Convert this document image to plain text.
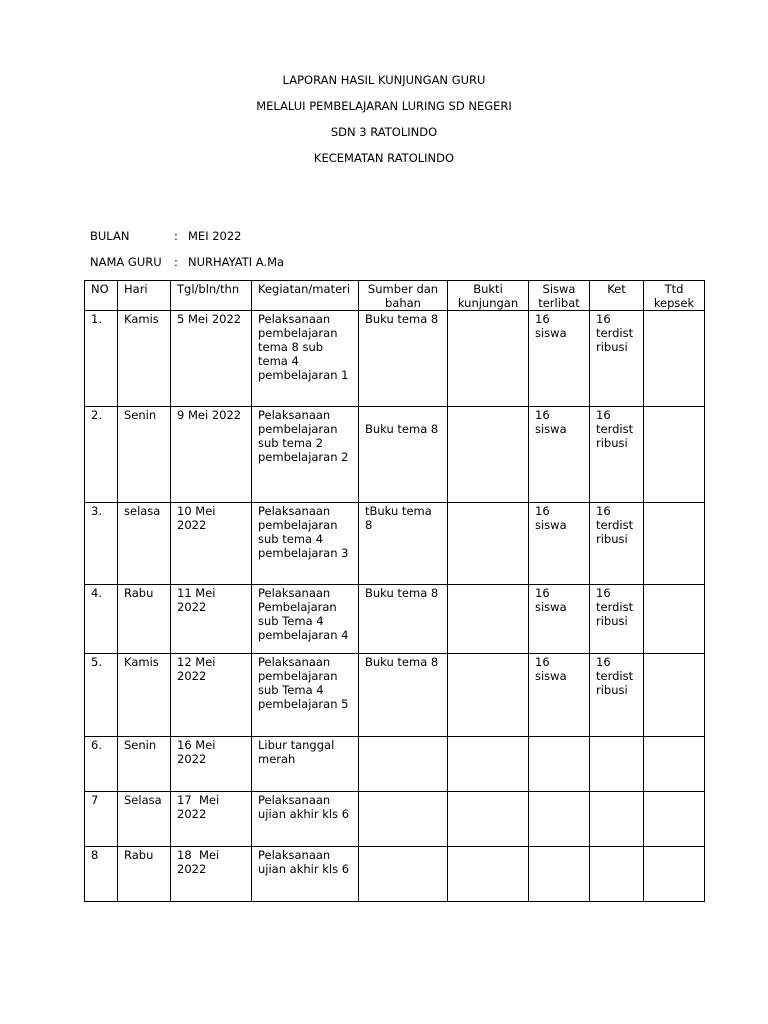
LAPORAN HASIL KUNJUNGAN GURU
MELALUI PEMBELAJARAN LURING SD NEGERI
SDN 3 RATOLINDO
KECEMATAN RATOLINDO
BULAN	: MEI 2022
NAMA GURU : NURHAYATI A.Ma
NO	Hari	Tgl/bln/thn	Kegiatan/materi	Sumber dan bahan	Bukti kunjungan	Siswa terlibat	Ket	Ttd kepsek
1.	Kamis	5 Mei 2022	Pelaksanaan pembelajaran tema 8 sub tema 4 pembelajaran 1	Buku tema 8		16 siswa	16 terdist ribusi	
2.	Senin	9 Mei 2022	Pelaksanaan pembelajaran sub tema 2 pembelajaran 2	Buku tema 8		16 siswa	16 terdist ribusi	
3.	selasa	10 Mei 2022	Pelaksanaan pembelajaran sub tema 4 pembelajaran 3	tBuku tema 8		16 siswa	16 terdist ribusi	
4.	Rabu	11 Mei 2022	Pelaksanaan Pembelajaran sub Tema 4 pembelajaran 4	Buku tema 8		16 siswa	16 terdist ribusi	
5.	Kamis	12 Mei 2022	Pelaksanaan pembelajaran sub Tema 4 pembelajaran 5	Buku tema 8		16 siswa	16 terdist ribusi	
6.	Senin	16 Mei 2022	Libur tanggal merah					
7	Selasa	17  Mei 2022	Pelaksanaan ujian akhir kls 6					
8	Rabu	18  Mei 2022	Pelaksanaan ujian akhir kls 6					
